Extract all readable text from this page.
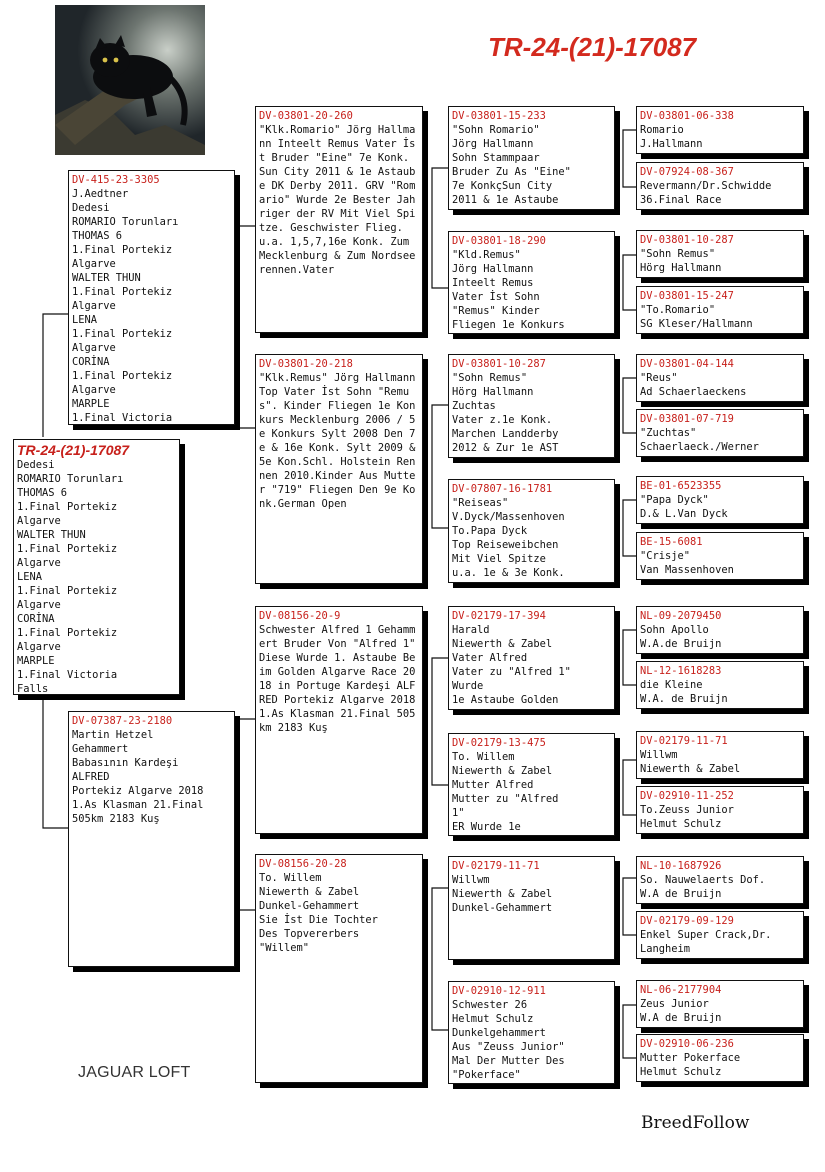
TR-24-(21)-17087
TR-24-(21)-17087
Dedesi
ROMARIO Torunları
THOMAS 6
1.Final Portekiz
Algarve
WALTER THUN
1.Final Portekiz
Algarve
LENA
1.Final Portekiz
Algarve
CORİNA
1.Final Portekiz
Algarve
MARPLE
1.Final Victoria
Falls
DV-415-23-3305
J.Aedtner
Dedesi
ROMARIO Torunları
THOMAS 6
1.Final Portekiz
Algarve
WALTER THUN
1.Final Portekiz
Algarve
LENA
1.Final Portekiz
Algarve
CORİNA
1.Final Portekiz
Algarve
MARPLE
1.Final Victoria
DV-07387-23-2180
Martin Hetzel
Gehammert
Babasının Kardeşi
ALFRED
Portekiz Algarve 2018
1.As Klasman 21.Final
505km 2183 Kuş
DV-03801-20-260
"Klk.Romario" Jörg Hallmann Inteelt Remus Vater İst Bruder "Eine" 7e Konk. Sun City 2011 & 1e Astaube DK Derby 2011. GRV "Romario" Wurde 2e Bester Jahriger der RV Mit Viel Spitze. Geschwister Flieg. u.a. 1,5,7,16e Konk. Zum Mecklenburg & Zum Nordseerennen.Vater
DV-03801-20-218
"Klk.Remus" Jörg Hallmann Top Vater İst Sohn "Remus". Kinder Fliegen 1e Konkurs Mecklenburg 2006 / 5e Konkurs Sylt 2008 Den 7e & 16e Konk. Sylt 2009 & 5e Kon.Schl. Holstein Rennen 2010.Kinder Aus Mutter "719" Fliegen Den 9e Konk.German Open
DV-08156-20-9
Schwester Alfred 1 Gehammert Bruder Von "Alfred 1" Diese Wurde 1. Astaube Beim Golden Algarve Race 2018 in Portuge Kardeşi ALFRED Portekiz Algarve 2018 1.As Klasman 21.Final 505km 2183 Kuş
DV-08156-20-28
To. Willem
Niewerth & Zabel
Dunkel-Gehammert
Sie İst Die Tochter
Des Topvererbers
"Willem"
DV-03801-15-233
"Sohn Romario"
Jörg Hallmann
Sohn Stammpaar
Bruder Zu As "Eine"
7e KonkçSun City
2011 & 1e Astaube
DV-03801-18-290
"Kld.Remus"
Jörg Hallmann
Inteelt Remus
Vater İst Sohn
"Remus" Kinder
Fliegen 1e Konkurs
DV-03801-10-287
"Sohn Remus"
Hörg Hallmann
Zuchtas
Vater z.1e Konk.
Marchen Landderby
2012 & Zur 1e AST
DV-07807-16-1781
"Reiseas"
V.Dyck/Massenhoven
To.Papa Dyck
Top Reiseweibchen
Mit Viel Spitze
u.a. 1e & 3e Konk.
DV-02179-17-394
Harald
Niewerth & Zabel
Vater Alfred
Vater zu "Alfred 1"
Wurde
1e Astaube Golden
DV-02179-13-475
To. Willem
Niewerth & Zabel
Mutter Alfred
Mutter zu "Alfred
1"
ER Wurde 1e
DV-02179-11-71
Willwm
Niewerth & Zabel
Dunkel-Gehammert
DV-02910-12-911
Schwester 26
Helmut Schulz
Dunkelgehammert
Aus "Zeuss Junior"
Mal Der Mutter Des
"Pokerface"
DV-03801-06-338
Romario
J.Hallmann
DV-07924-08-367
Revermann/Dr.Schwidde
36.Final Race
DV-03801-10-287
"Sohn Remus"
Hörg Hallmann
DV-03801-15-247
"To.Romario"
SG Kleser/Hallmann
DV-03801-04-144
"Reus"
Ad Schaerlaeckens
DV-03801-07-719
"Zuchtas"
Schaerlaeck./Werner
BE-01-6523355
"Papa Dyck"
D.& L.Van Dyck
BE-15-6081
"Crisje"
Van Massenhoven
NL-09-2079450
Sohn Apollo
W.A.de Bruijn
NL-12-1618283
die Kleine
W.A. de Bruijn
DV-02179-11-71
Willwm
Niewerth & Zabel
DV-02910-11-252
To.Zeuss Junior
Helmut Schulz
NL-10-1687926
So. Nauwelaerts Dof.
W.A de Bruijn
DV-02179-09-129
Enkel Super Crack,Dr.
Langheim
NL-06-2177904
Zeus Junior
W.A de Bruijn
DV-02910-06-236
Mutter Pokerface
Helmut Schulz
JAGUAR LOFT
BreedFollow
